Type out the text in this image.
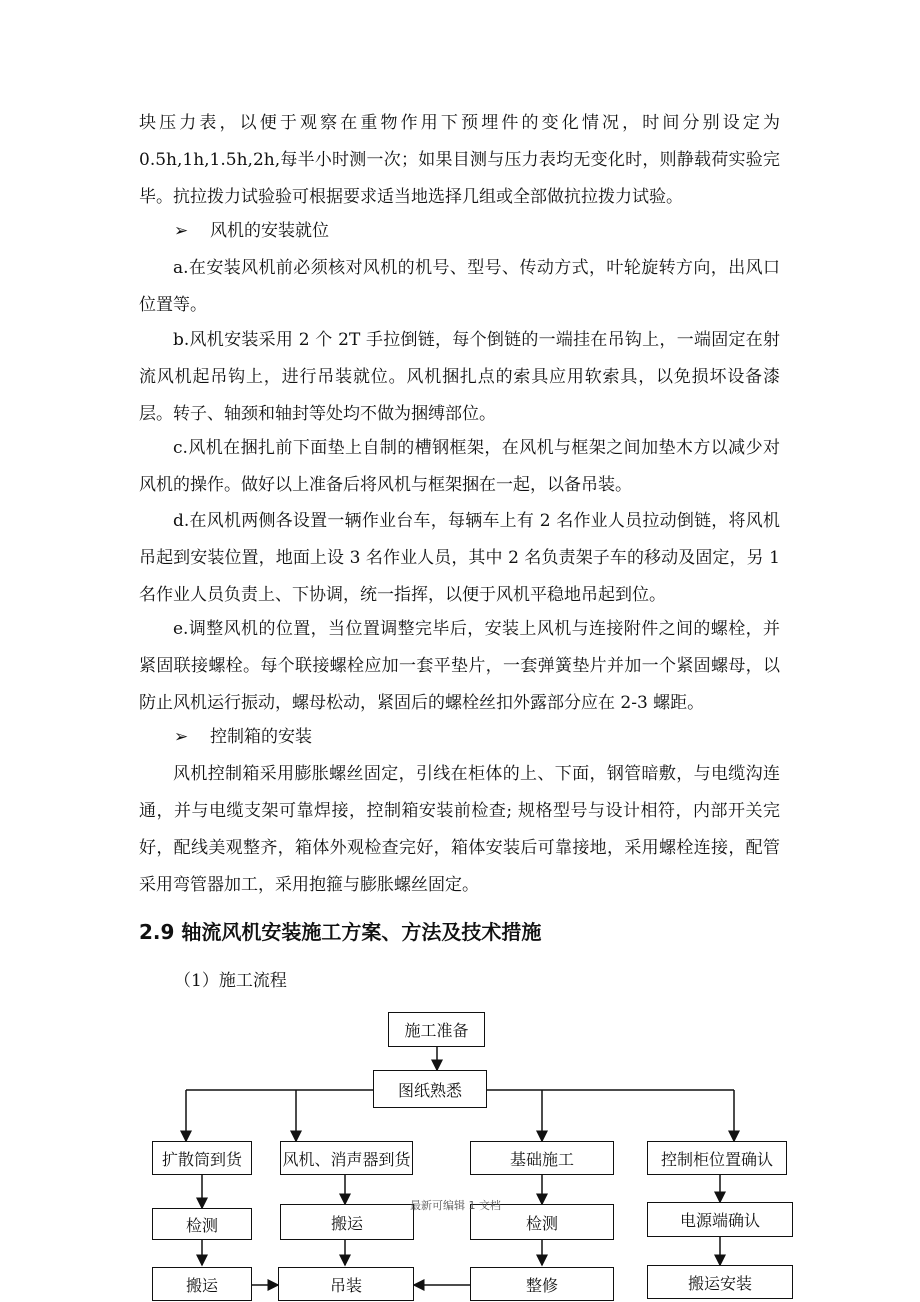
块压力表，以便于观察在重物作用下预埋件的变化情况，时间分别设定为0.5h,1h,1.5h,2h,每半小时测一次；如果目测与压力表均无变化时，则静载荷实验完毕。抗拉拨力试验验可根据要求适当地选择几组或全部做抗拉拨力试验。

➢ 风机的安装就位

a.在安装风机前必须核对风机的机号、型号、传动方式，叶轮旋转方向，出风口位置等。

b.风机安装采用 2 个 2T 手拉倒链，每个倒链的一端挂在吊钩上，一端固定在射流风机起吊钩上，进行吊装就位。风机捆扎点的索具应用软索具，以免损坏设备漆层。转子、轴颈和轴封等处均不做为捆缚部位。

c.风机在捆扎前下面垫上自制的槽钢框架，在风机与框架之间加垫木方以减少对风机的操作。做好以上准备后将风机与框架捆在一起，以备吊装。

d.在风机两侧各设置一辆作业台车，每辆车上有 2 名作业人员拉动倒链，将风机吊起到安装位置，地面上设 3 名作业人员，其中 2 名负责架子车的移动及固定，另 1 名作业人员负责上、下协调，统一指挥，以便于风机平稳地吊起到位。

e.调整风机的位置，当位置调整完毕后，安装上风机与连接附件之间的螺栓，并紧固联接螺栓。每个联接螺栓应加一套平垫片，一套弹簧垫片并加一个紧固螺母，以防止风机运行振动，螺母松动，紧固后的螺栓丝扣外露部分应在 2-3 螺距。

➢ 控制箱的安装

风机控制箱采用膨胀螺丝固定，引线在柜体的上、下面，钢管暗敷，与电缆沟连通，并与电缆支架可靠焊接，控制箱安装前检查; 规格型号与设计相符，内部开关完好，配线美观整齐，箱体外观检查完好，箱体安装后可靠接地，采用螺栓连接，配管采用弯管器加工，采用抱箍与膨胀螺丝固定。

2.9 轴流风机安装施工方案、方法及技术措施

（1）施工流程

施工准备
图纸熟悉
扩散筒到货	风机、消声器到货	基础施工	控制柜位置确认
检测	搬运	检测	电源端确认
搬运	吊装	整修	搬运安装
最新可编辑 1 文档
